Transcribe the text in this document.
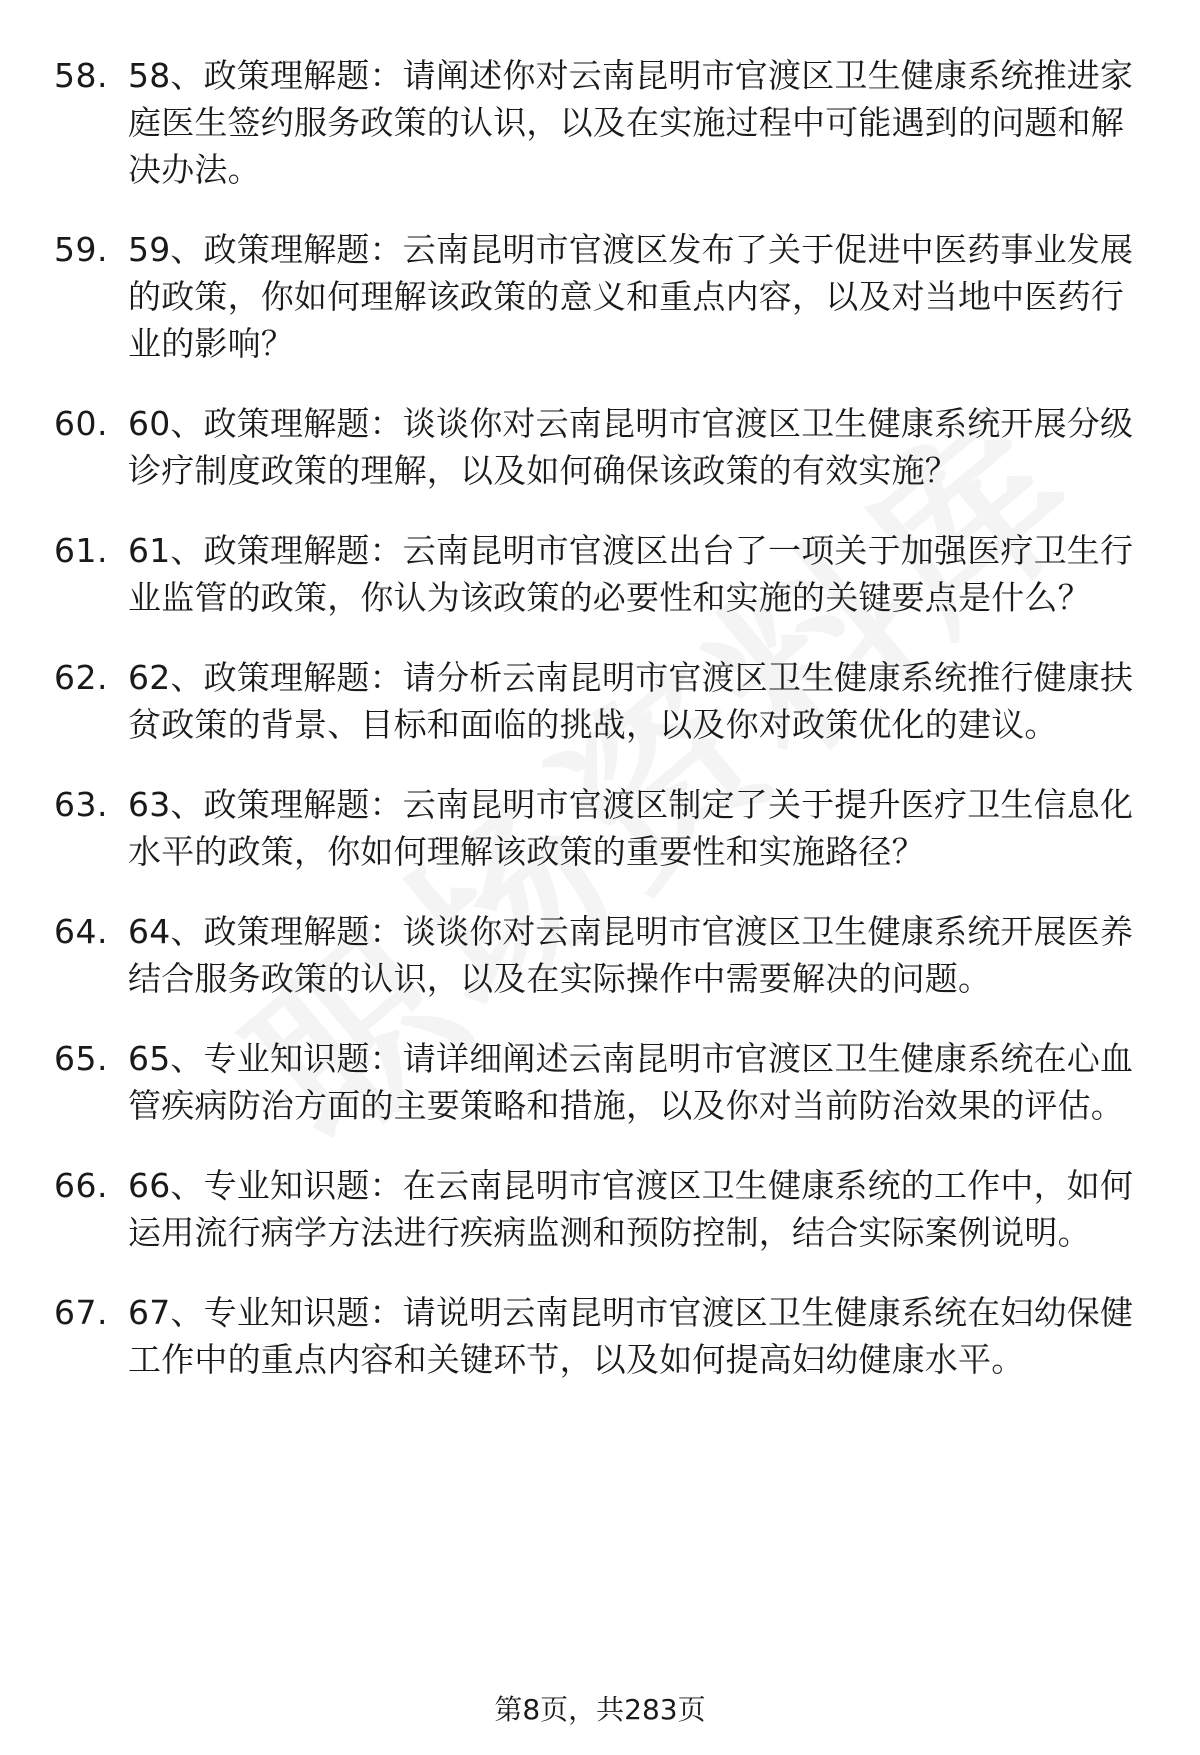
58. 58、政策理解题：请阐述你对云南昆明市官渡区卫生健康系统推进家庭医生签约服务政策的认识，以及在实施过程中可能遇到的问题和解决办法。
59. 59、政策理解题：云南昆明市官渡区发布了关于促进中医药事业发展的政策，你如何理解该政策的意义和重点内容，以及对当地中医药行业的影响？
60. 60、政策理解题：谈谈你对云南昆明市官渡区卫生健康系统开展分级诊疗制度政策的理解，以及如何确保该政策的有效实施？
61. 61、政策理解题：云南昆明市官渡区出台了一项关于加强医疗卫生行业监管的政策，你认为该政策的必要性和实施的关键要点是什么？
62. 62、政策理解题：请分析云南昆明市官渡区卫生健康系统推行健康扶贫政策的背景、目标和面临的挑战，以及你对政策优化的建议。
63. 63、政策理解题：云南昆明市官渡区制定了关于提升医疗卫生信息化水平的政策，你如何理解该政策的重要性和实施路径？
64. 64、政策理解题：谈谈你对云南昆明市官渡区卫生健康系统开展医养结合服务政策的认识，以及在实际操作中需要解决的问题。
65. 65、专业知识题：请详细阐述云南昆明市官渡区卫生健康系统在心血管疾病防治方面的主要策略和措施，以及你对当前防治效果的评估。
66. 66、专业知识题：在云南昆明市官渡区卫生健康系统的工作中，如何运用流行病学方法进行疾病监测和预防控制，结合实际案例说明。
67. 67、专业知识题：请说明云南昆明市官渡区卫生健康系统在妇幼保健工作中的重点内容和关键环节，以及如何提高妇幼健康水平。
第8页，共283页
